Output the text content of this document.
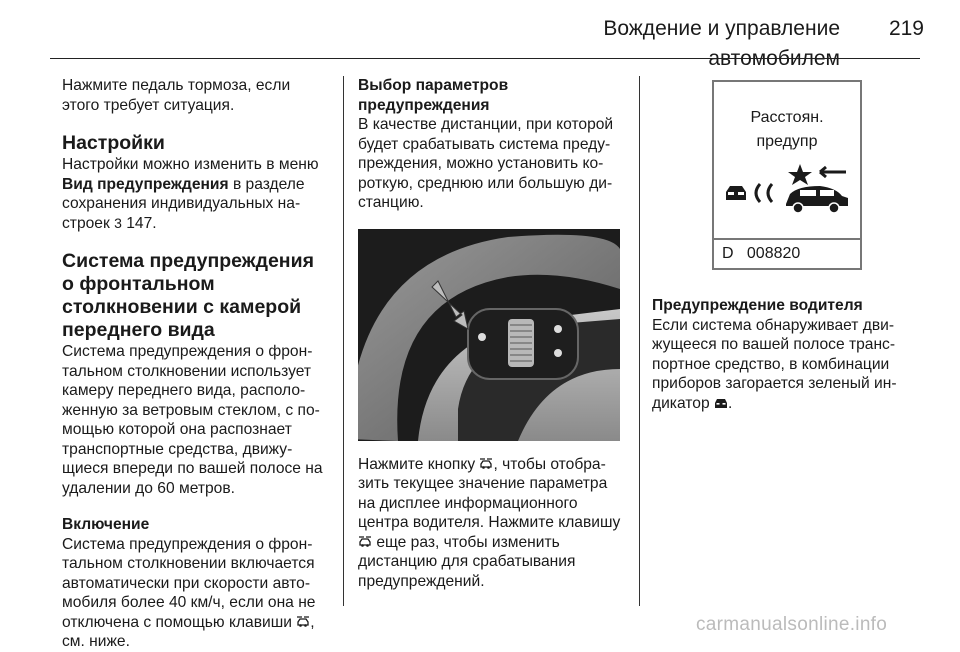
Вождение и управление автомобилем
219

Нажмите педаль тормоза, если этого требует ситуация.

Настройки

Настройки можно изменить в меню Вид предупреждения в разделе сохранения индивидуальных настроек 3 147.

Система предупреждения о фронтальном столкновении с камерой переднего вида

Система предупреждения о фронтальном столкновении использует камеру переднего вида, расположенную за ветровым стеклом, с помощью которой она распознает транспортные средства, движущиеся впереди по вашей полосе на удалении до 60 метров.

Включение

Система предупреждения о фронтальном столкновении включается автоматически при скорости автомобиля более 40 км/ч, если она не отключена с помощью клавиши , см. ниже.

Выбор параметров предупреждения

В качестве дистанции, при которой будет срабатывать система предупреждения, можно установить короткую, среднюю или большую дистанцию.

Нажмите кнопку , чтобы отобразить текущее значение параметра на дисплее информационного центра водителя. Нажмите клавишу  еще раз, чтобы изменить дистанцию для срабатывания предупреждений.

Расстоян.
предупр
D 008820

Предупреждение водителя

Если система обнаруживает движущееся по вашей полосе транспортное средство, в комбинации приборов загорается зеленый индикатор .

carmanualsonline.info
